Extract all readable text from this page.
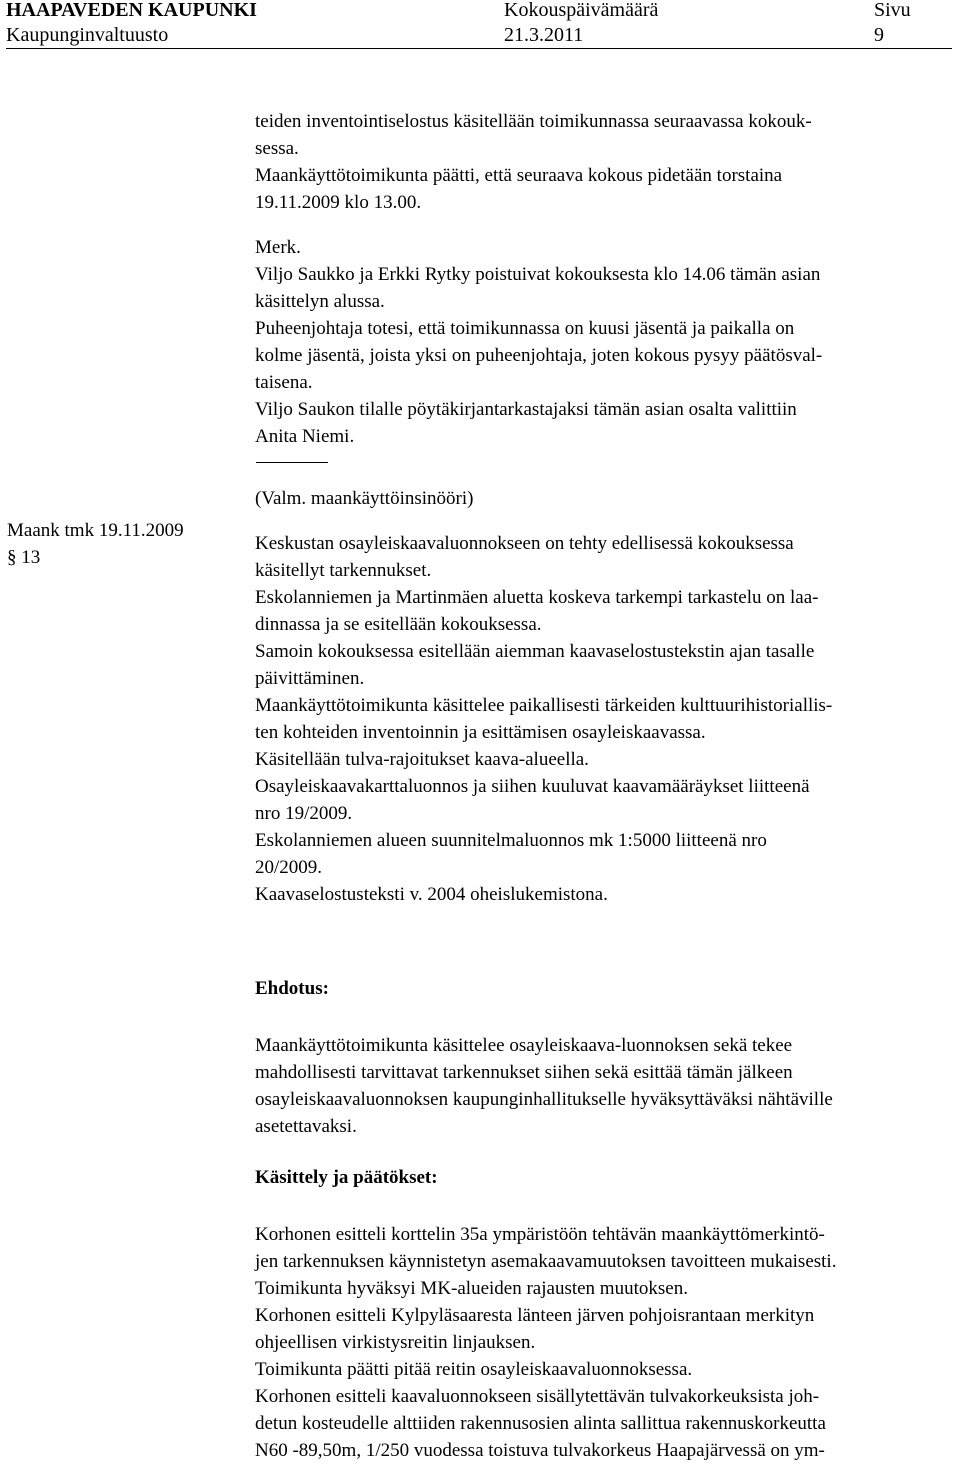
HAAPAVEDEN KAUPUNKI	Kokouspäivämäärä	Sivu
Kaupunginvaltuusto	21.3.2011	9

teiden inventointiselostus käsitellään toimikunnassa seuraavassa kokouk-

sessa.

Maankäyttötoimikunta päätti, että seuraava kokous pidetään torstaina

19.11.2009 klo 13.00.

Merk.

Viljo Saukko ja Erkki Rytky poistuivat kokouksesta klo 14.06 tämän asian

käsittelyn alussa.

Puheenjohtaja totesi, että toimikunnassa on kuusi jäsentä ja paikalla on

kolme jäsentä, joista yksi on puheenjohtaja, joten kokous pysyy päätösval-

taisena.

Viljo Saukon tilalle pöytäkirjantarkastajaksi tämän asian osalta valittiin

Anita Niemi.

(Valm. maankäyttöinsinööri)

Keskustan osayleiskaavaluonnokseen on tehty edellisessä kokouksessa

käsitellyt tarkennukset.

Eskolanniemen ja Martinmäen aluetta koskeva tarkempi tarkastelu on laa-

dinnassa ja se esitellään kokouksessa.

Samoin kokouksessa esitellään aiemman kaavaselostustekstin ajan tasalle

päivittäminen.

Maankäyttötoimikunta käsittelee paikallisesti tärkeiden kulttuurihistoriallis-

ten kohteiden inventoinnin ja esittämisen osayleiskaavassa.

Käsitellään tulva-rajoitukset kaava-alueella.

Osayleiskaavakarttaluonnos ja siihen kuuluvat kaavamääräykset liitteenä

nro 19/2009.

Eskolanniemen alueen suunnitelmaluonnos mk 1:5000 liitteenä nro

20/2009.

Kaavaselostusteksti v. 2004 oheislukemistona.

Maank tmk 19.11.2009
§ 13
Ehdotus:

Maankäyttötoimikunta käsittelee osayleiskaava-luonnoksen sekä tekee

mahdollisesti tarvittavat tarkennukset siihen sekä esittää tämän jälkeen

osayleiskaavaluonnoksen kaupunginhallitukselle hyväksyttäväksi nähtäville

asetettavaksi.

Käsittely ja päätökset:

Korhonen esitteli korttelin 35a ympäristöön tehtävän maankäyttömerkintö-

jen tarkennuksen käynnistetyn asemakaavamuutoksen tavoitteen mukaisesti.

Toimikunta hyväksyi MK-alueiden rajausten muutoksen.

Korhonen esitteli Kylpyläsaaresta länteen järven pohjoisrantaan merkityn

ohjeellisen virkistysreitin linjauksen.

Toimikunta päätti pitää reitin osayleiskaavaluonnoksessa.

Korhonen esitteli kaavaluonnokseen sisällytettävän tulvakorkeuksista joh-

detun kosteudelle alttiiden rakennusosien alinta sallittua rakennuskorkeutta

N60 -89,50m, 1/250 vuodessa toistuva tulvakorkeus Haapajärvessä on ym-
